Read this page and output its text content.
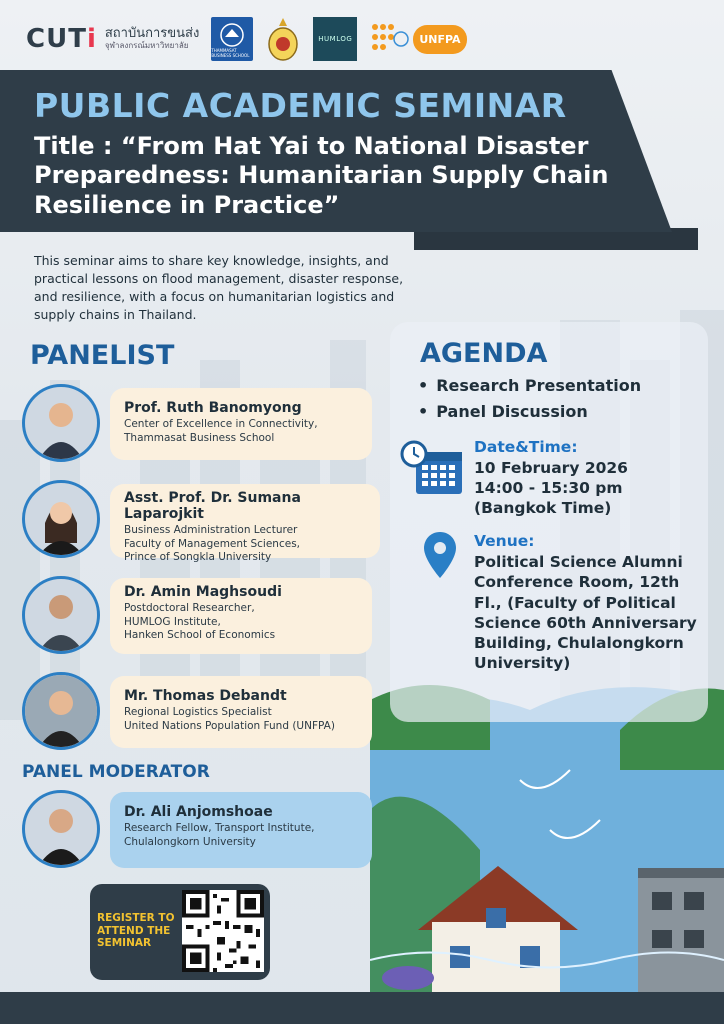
CUTi สถาบันการขนส่ง
จุฬาลงกรณ์มหาวิทยาลัย
THAMMASAT BUSINESS SCHOOL
HUMLOG	UNFPA
PUBLIC ACADEMIC SEMINAR
Title : “From Hat Yai to National Disaster Preparedness: Humanitarian Supply Chain Resilience in Practice”

This seminar aims to share key knowledge, insights, and practical lessons on flood management, disaster response, and resilience, with a focus on humanitarian logistics and supply chains in Thailand.

PANELIST
Prof. Ruth Banomyong
Center of Excellence in Connectivity,
Thammasat Business School
Asst. Prof. Dr. Sumana Laparojkit
Business Administration Lecturer
Faculty of Management Sciences,
Prince of Songkla University
Dr. Amin Maghsoudi
Postdoctoral Researcher,
HUMLOG Institute,
Hanken School of Economics
Mr. Thomas Debandt
Regional Logistics Specialist
United Nations Population Fund (UNFPA)
PANEL MODERATOR
Dr. Ali Anjomshoae
Research Fellow, Transport Institute,
Chulalongkorn University
REGISTER TO ATTEND THE SEMINAR
AGENDA
• Research Presentation
• Panel Discussion
Date&Time:
10 February 2026
14:00 - 15:30 pm
(Bangkok Time)
Venue:
Political Science Alumni Conference Room, 12th Fl., (Faculty of Political Science 60th Anniversary Building, Chulalongkorn University)
